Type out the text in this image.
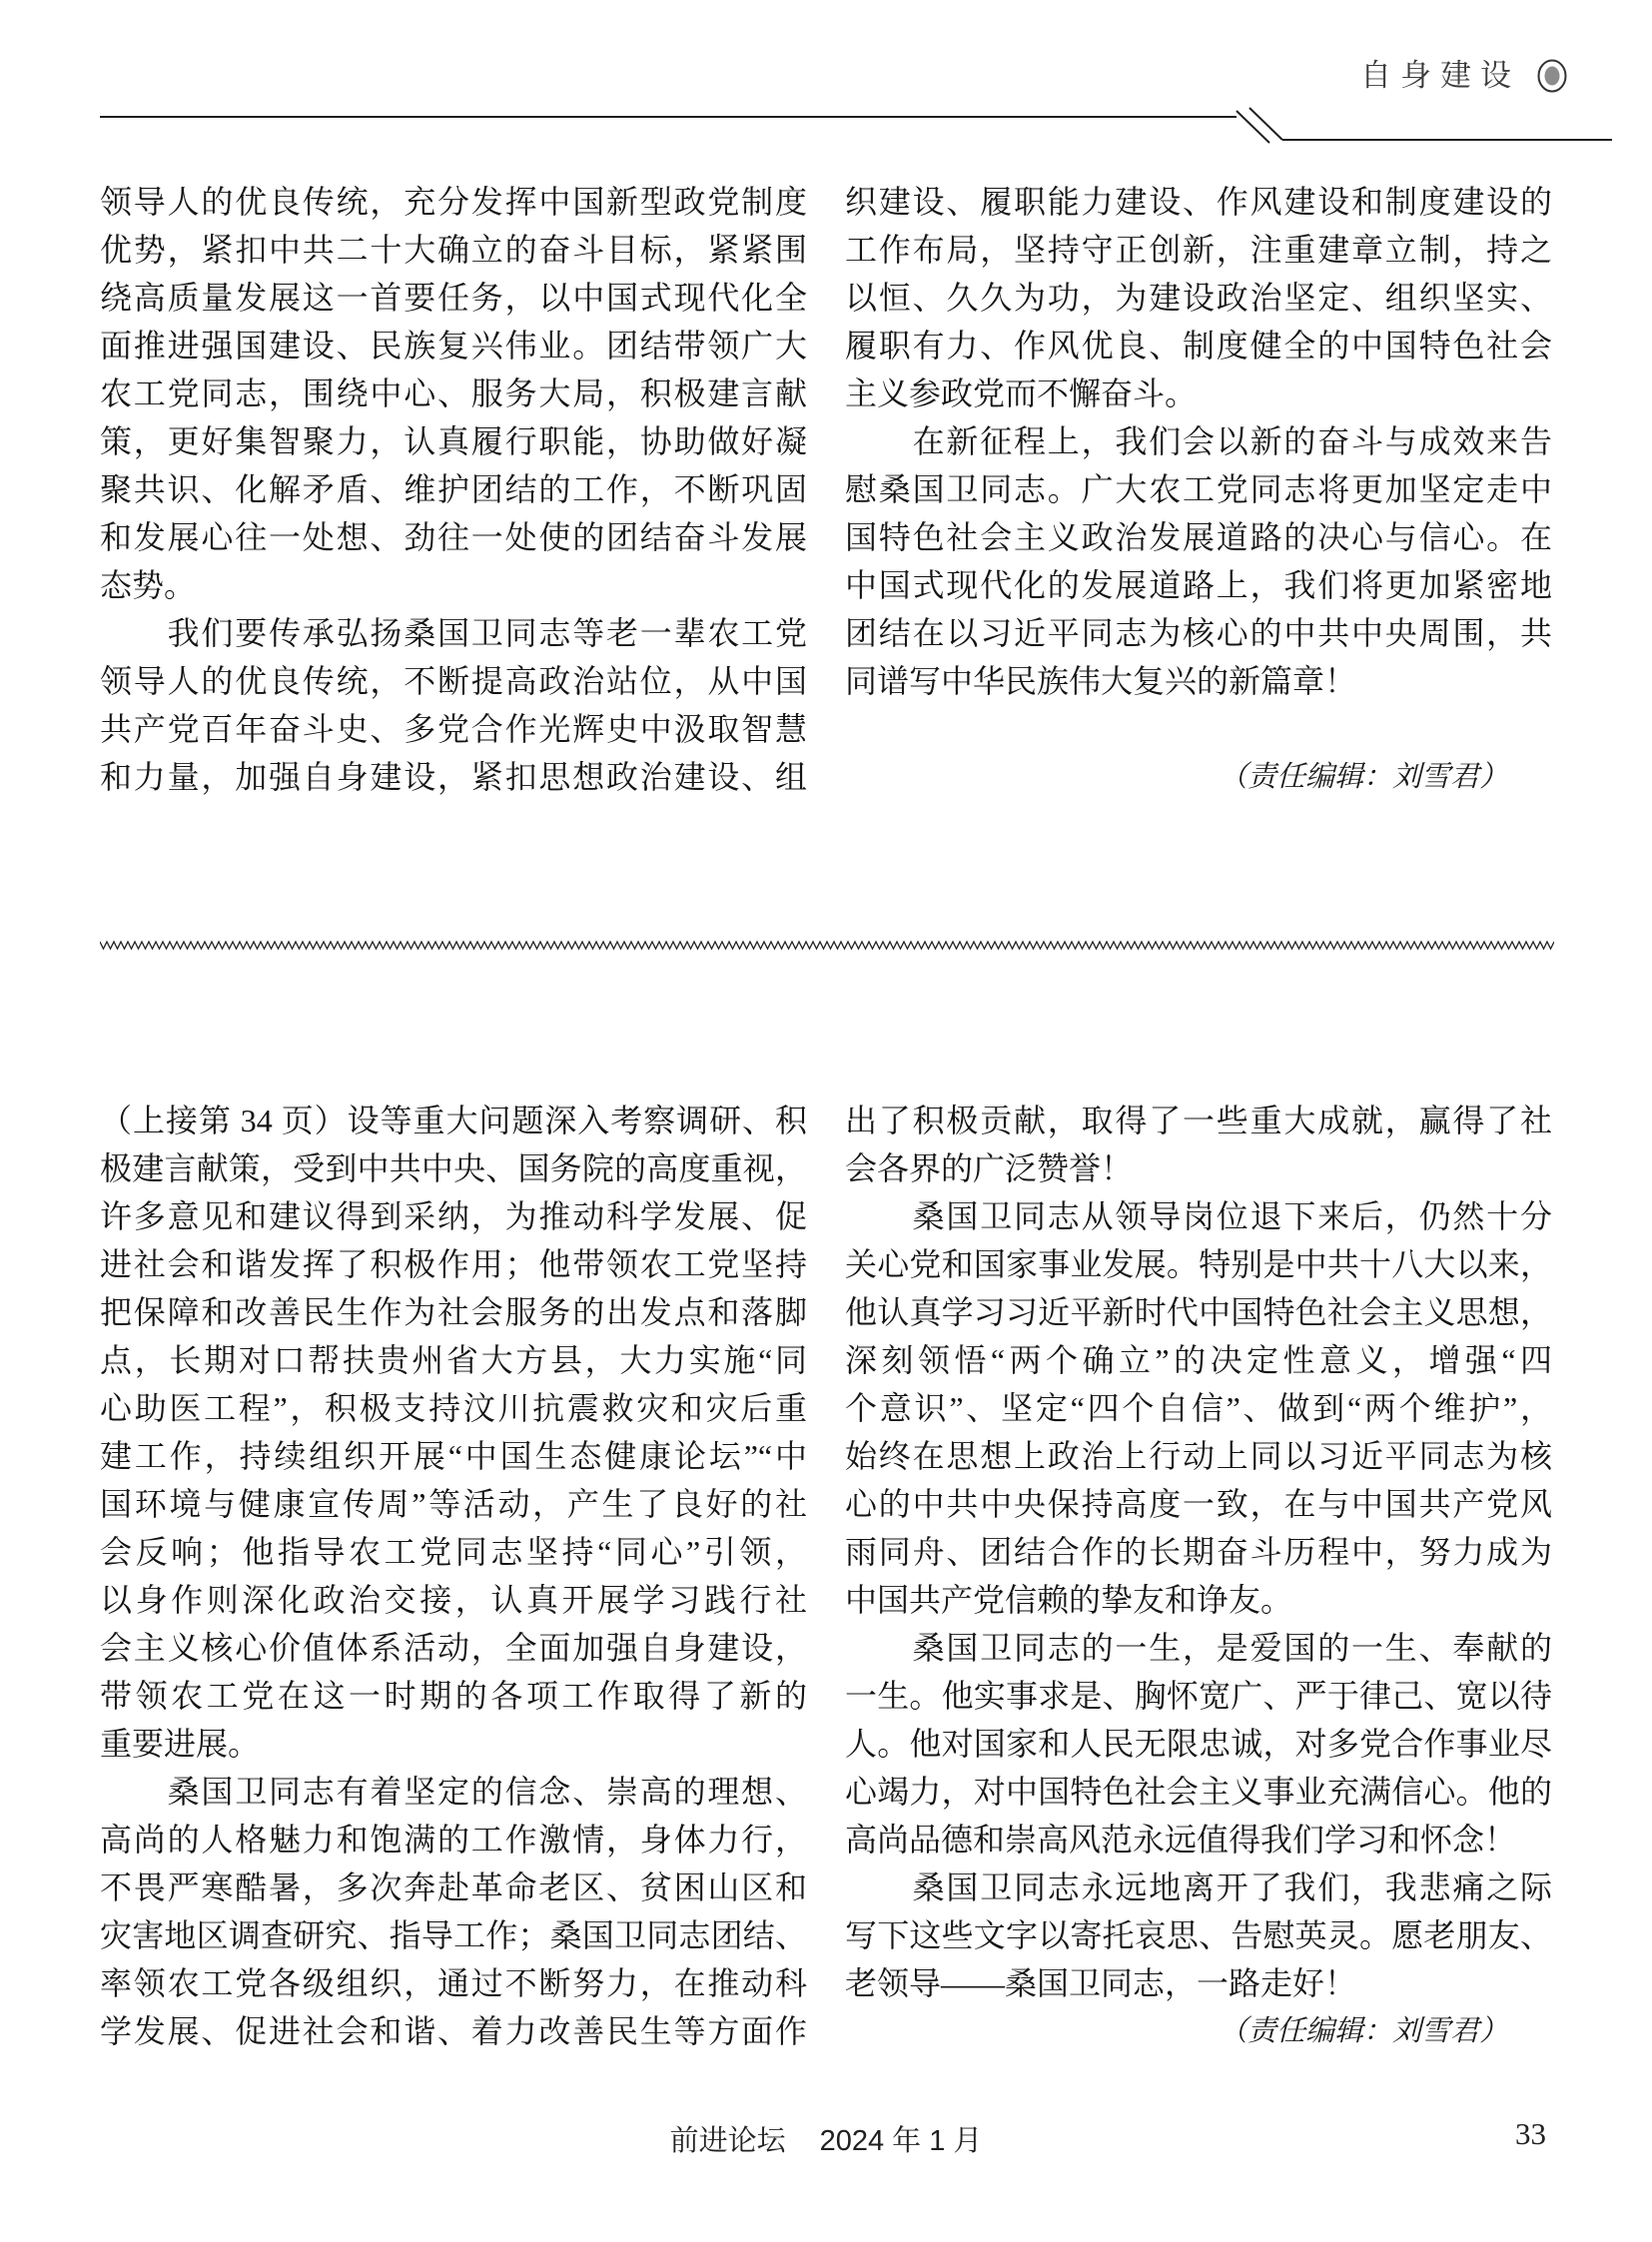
自身建设
领导人的优良传统，充分发挥中国新型政党制度
优势，紧扣中共二十大确立的奋斗目标，紧紧围
绕高质量发展这一首要任务，以中国式现代化全
面推进强国建设、民族复兴伟业。团结带领广大
农工党同志，围绕中心、服务大局，积极建言献
策，更好集智聚力，认真履行职能，协助做好凝
聚共识、化解矛盾、维护团结的工作，不断巩固
和发展心往一处想、劲往一处使的团结奋斗发展
态势。
　　我们要传承弘扬桑国卫同志等老一辈农工党
领导人的优良传统，不断提高政治站位，从中国
共产党百年奋斗史、多党合作光辉史中汲取智慧
和力量，加强自身建设，紧扣思想政治建设、组
织建设、履职能力建设、作风建设和制度建设的
工作布局，坚持守正创新，注重建章立制，持之
以恒、久久为功，为建设政治坚定、组织坚实、
履职有力、作风优良、制度健全的中国特色社会
主义参政党而不懈奋斗。
　　在新征程上，我们会以新的奋斗与成效来告
慰桑国卫同志。广大农工党同志将更加坚定走中
国特色社会主义政治发展道路的决心与信心。在
中国式现代化的发展道路上，我们将更加紧密地
团结在以习近平同志为核心的中共中央周围，共
同谱写中华民族伟大复兴的新篇章！
（责任编辑：刘雪君）
（上接第 34 页）设等重大问题深入考察调研、积
极建言献策，受到中共中央、国务院的高度重视，
许多意见和建议得到采纳，为推动科学发展、促
进社会和谐发挥了积极作用；他带领农工党坚持
把保障和改善民生作为社会服务的出发点和落脚
点，长期对口帮扶贵州省大方县，大力实施“同
心助医工程”，积极支持汶川抗震救灾和灾后重
建工作，持续组织开展“中国生态健康论坛”“中
国环境与健康宣传周”等活动，产生了良好的社
会反响；他指导农工党同志坚持“同心”引领，
以身作则深化政治交接，认真开展学习践行社
会主义核心价值体系活动，全面加强自身建设，
带领农工党在这一时期的各项工作取得了新的
重要进展。
　　桑国卫同志有着坚定的信念、崇高的理想、
高尚的人格魅力和饱满的工作激情，身体力行，
不畏严寒酷暑，多次奔赴革命老区、贫困山区和
灾害地区调查研究、指导工作；桑国卫同志团结、
率领农工党各级组织，通过不断努力，在推动科
学发展、促进社会和谐、着力改善民生等方面作
出了积极贡献，取得了一些重大成就，赢得了社
会各界的广泛赞誉！
　　桑国卫同志从领导岗位退下来后，仍然十分
关心党和国家事业发展。特别是中共十八大以来，
他认真学习习近平新时代中国特色社会主义思想，
深刻领悟“两个确立”的决定性意义，增强“四
个意识”、坚定“四个自信”、做到“两个维护”，
始终在思想上政治上行动上同以习近平同志为核
心的中共中央保持高度一致，在与中国共产党风
雨同舟、团结合作的长期奋斗历程中，努力成为
中国共产党信赖的挚友和诤友。
　　桑国卫同志的一生，是爱国的一生、奉献的
一生。他实事求是、胸怀宽广、严于律己、宽以待
人。他对国家和人民无限忠诚，对多党合作事业尽
心竭力，对中国特色社会主义事业充满信心。他的
高尚品德和崇高风范永远值得我们学习和怀念！
　　桑国卫同志永远地离开了我们，我悲痛之际
写下这些文字以寄托哀思、告慰英灵。愿老朋友、
老领导——桑国卫同志，一路走好！
（责任编辑：刘雪君）
前进论坛 2024 年 1 月	33
